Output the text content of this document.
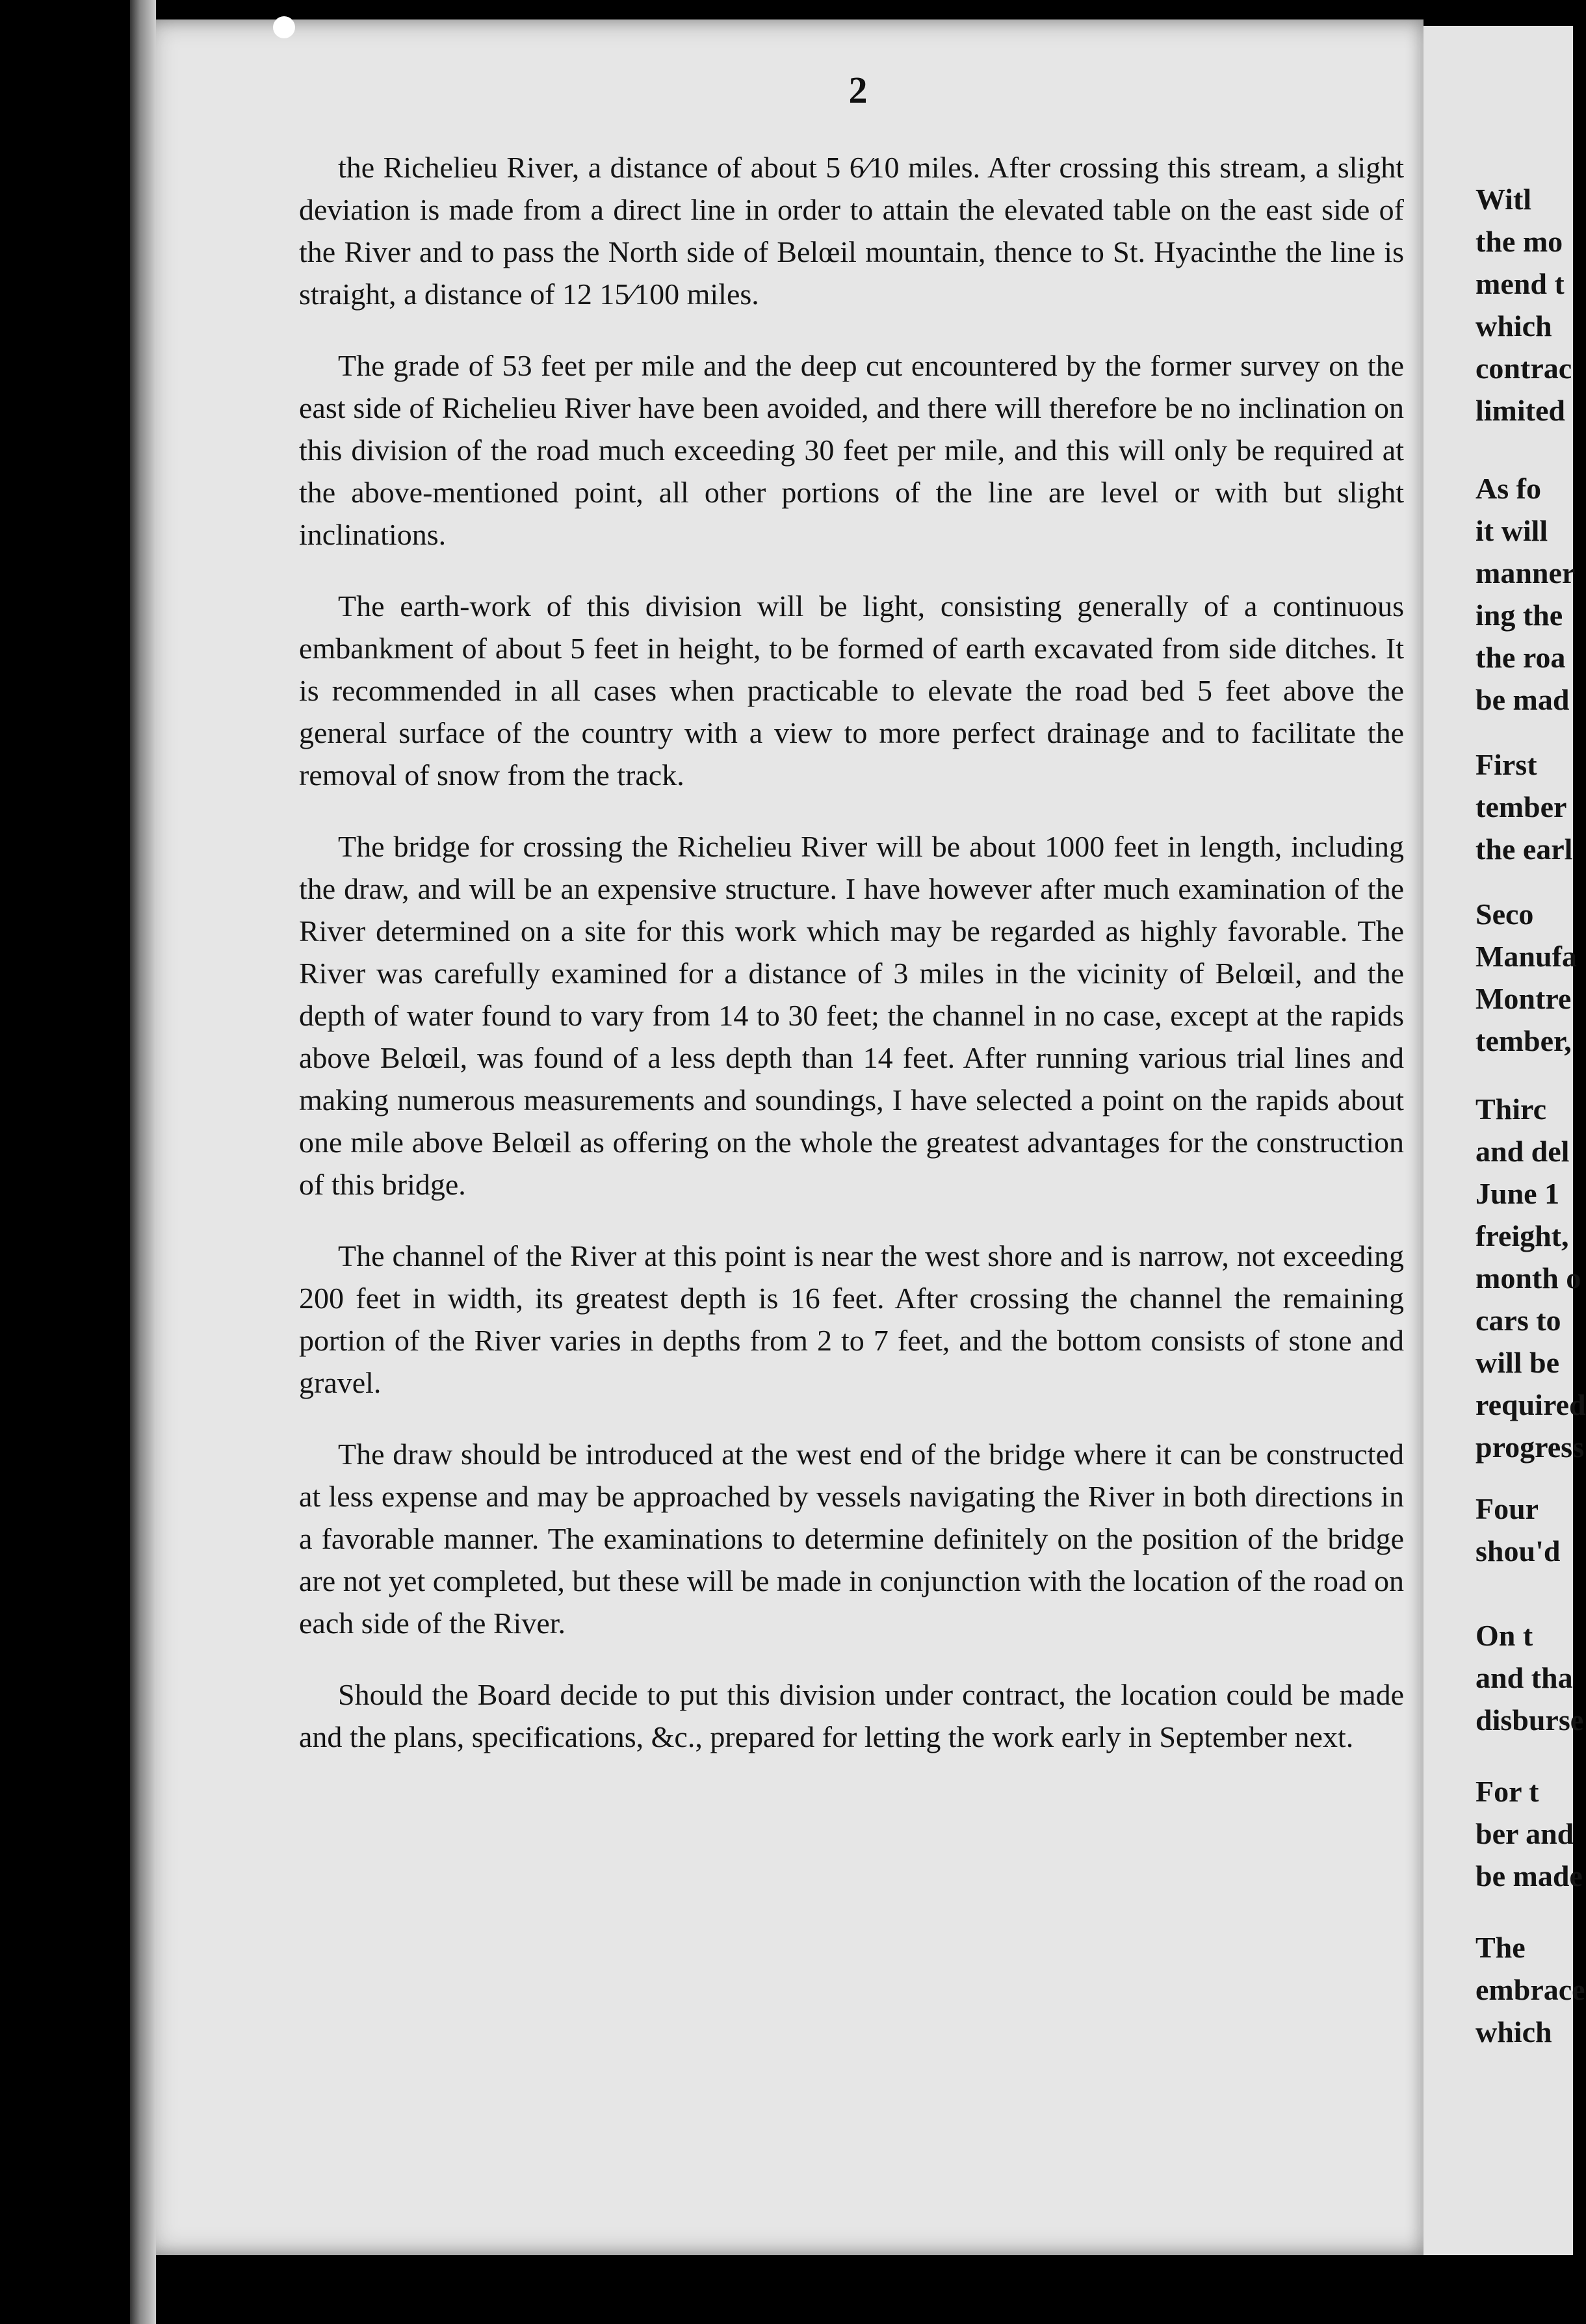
2

the Richelieu River, a distance of about 5 6⁄10 miles. After crossing this stream, a slight deviation is made from a direct line in order to attain the elevated table on the east side of the River and to pass the North side of Belœil mountain, thence to St. Hyacinthe the line is straight, a distance of 12 15⁄100 miles.

The grade of 53 feet per mile and the deep cut encountered by the former survey on the east side of Richelieu River have been avoided, and there will therefore be no inclination on this division of the road much exceeding 30 feet per mile, and this will only be required at the above-mentioned point, all other portions of the line are level or with but slight inclinations.

The earth-work of this division will be light, consisting generally of a continuous embankment of about 5 feet in height, to be formed of earth excavated from side ditches. It is recommended in all cases when practicable to elevate the road bed 5 feet above the general surface of the country with a view to more perfect drainage and to facilitate the removal of snow from the track.

The bridge for crossing the Richelieu River will be about 1000 feet in length, including the draw, and will be an expensive structure. I have however after much examination of the River determined on a site for this work which may be regarded as highly favorable. The River was carefully examined for a distance of 3 miles in the vicinity of Belœil, and the depth of water found to vary from 14 to 30 feet; the channel in no case, except at the rapids above Belœil, was found of a less depth than 14 feet. After running various trial lines and making numerous measurements and soundings, I have selected a point on the rapids about one mile above Belœil as offering on the whole the greatest advantages for the construction of this bridge.

The channel of the River at this point is near the west shore and is narrow, not exceeding 200 feet in width, its greatest depth is 16 feet. After crossing the channel the remaining portion of the River varies in depths from 2 to 7 feet, and the bottom consists of stone and gravel.

The draw should be introduced at the west end of the bridge where it can be constructed at less expense and may be approached by vessels navigating the River in both directions in a favorable manner. The examinations to determine definitely on the position of the bridge are not yet completed, but these will be made in conjunction with the location of the road on each side of the River.

Should the Board decide to put this division under contract, the location could be made and the plans, specifications, &c., prepared for letting the work early in September next.

Witl
the mo
mend t
which
contrac
limited
As fo
it will
manner
ing the
the roa
be mad
First
tember
the earl
Seco
Manufa
Montre
tember,
Thirc
and del
June 1
freight,
month o
cars to
will be
required
progress
Four
shou'd
On t
and tha
disburse
For t
ber and
be made
The
embrace
which
